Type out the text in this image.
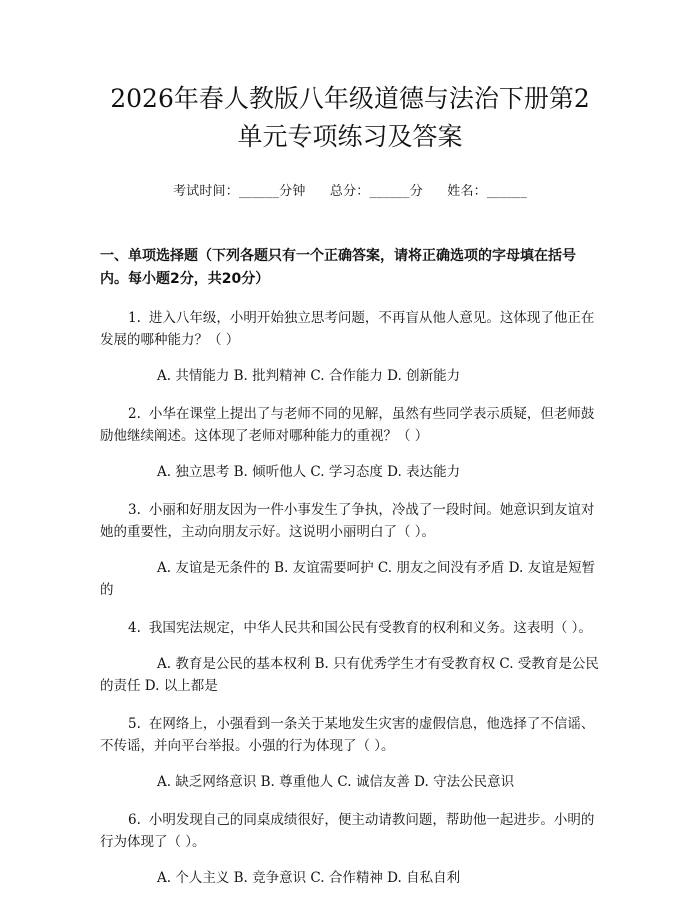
2026年春人教版八年级道德与法治下册第2单元专项练习及答案
考试时间：______分钟 总分：______分 姓名：______
一、单项选择题（下列各题只有一个正确答案，请将正确选项的字母填在括号内。每小题2分，共20分）
1. 进入八年级，小明开始独立思考问题，不再盲从他人意见。这体现了他正在发展的哪种能力？（ ）
A. 共情能力 B. 批判精神 C. 合作能力 D. 创新能力
2. 小华在课堂上提出了与老师不同的见解，虽然有些同学表示质疑，但老师鼓励他继续阐述。这体现了老师对哪种能力的重视？（ ）
A. 独立思考 B. 倾听他人 C. 学习态度 D. 表达能力
3. 小丽和好朋友因为一件小事发生了争执，冷战了一段时间。她意识到友谊对她的重要性，主动向朋友示好。这说明小丽明白了（ ）。
A. 友谊是无条件的 B. 友谊需要呵护 C. 朋友之间没有矛盾 D. 友谊是短暂的
4. 我国宪法规定，中华人民共和国公民有受教育的权利和义务。这表明（ ）。
A. 教育是公民的基本权利 B. 只有优秀学生才有受教育权 C. 受教育是公民的责任 D. 以上都是
5. 在网络上，小强看到一条关于某地发生灾害的虚假信息，他选择了不信谣、不传谣，并向平台举报。小强的行为体现了（ ）。
A. 缺乏网络意识 B. 尊重他人 C. 诚信友善 D. 守法公民意识
6. 小明发现自己的同桌成绩很好，便主动请教问题，帮助他一起进步。小明的行为体现了（ ）。
A. 个人主义 B. 竞争意识 C. 合作精神 D. 自私自利
